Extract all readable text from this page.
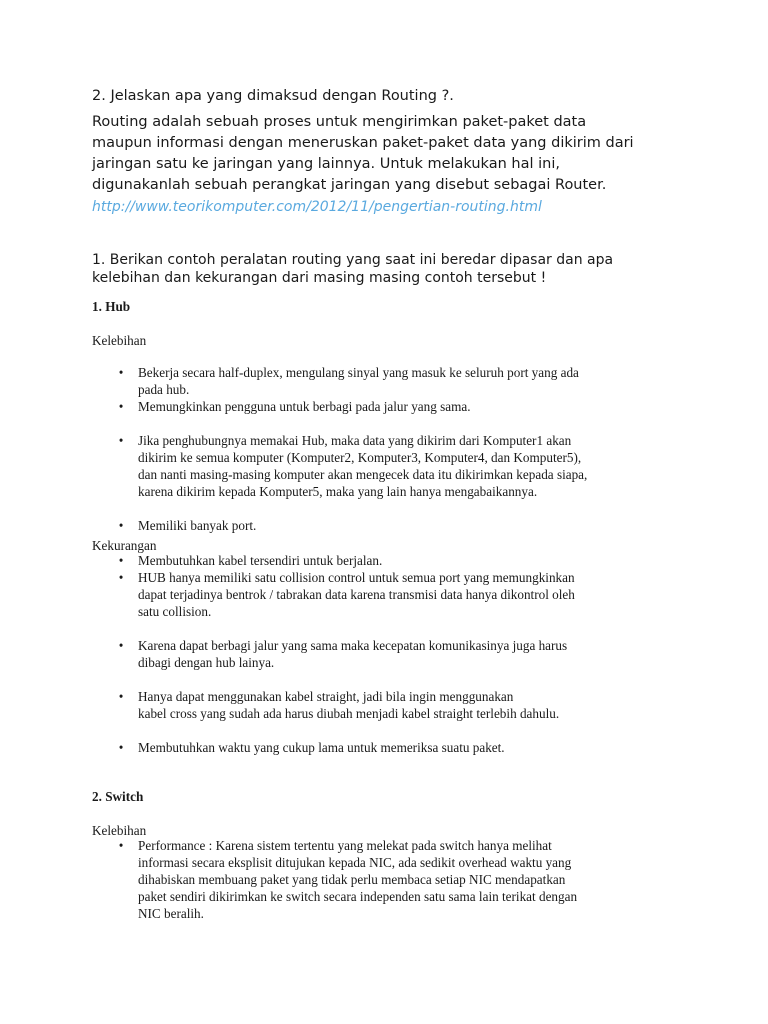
2. Jelaskan apa yang dimaksud dengan Routing ?.

Routing adalah sebuah proses untuk mengirimkan paket-paket data
maupun informasi dengan meneruskan paket-paket data yang dikirim dari
jaringan satu ke jaringan yang lainnya. Untuk melakukan hal ini,
digunakanlah sebuah perangkat jaringan yang disebut sebagai Router.
http://www.teorikomputer.com/2012/11/pengertian-routing.html
1. Berikan contoh peralatan routing yang saat ini beredar dipasar dan apa
kelebihan dan kekurangan dari masing masing contoh tersebut !
1. Hub
Kelebihan
• Bekerja secara half-duplex, mengulang sinyal yang masuk ke seluruh port yang ada
pada hub.
• Memungkinkan pengguna untuk berbagi pada jalur yang sama.
• Jika penghubungnya memakai Hub, maka data yang dikirim dari Komputer1 akan
dikirim ke semua komputer (Komputer2, Komputer3, Komputer4, dan Komputer5),
dan nanti masing-masing komputer akan mengecek data itu dikirimkan kepada siapa,
karena dikirim kepada Komputer5, maka yang lain hanya mengabaikannya.
• Memiliki banyak port.
Kekurangan
• Membutuhkan kabel tersendiri untuk berjalan.
• HUB hanya memiliki satu collision control untuk semua port yang memungkinkan
dapat terjadinya bentrok / tabrakan data karena transmisi data hanya dikontrol oleh
satu collision.
• Karena dapat berbagi jalur yang sama maka kecepatan komunikasinya juga harus
dibagi dengan hub lainya.
• Hanya dapat menggunakan kabel straight, jadi bila ingin menggunakan
kabel cross yang sudah ada harus diubah menjadi kabel straight terlebih dahulu.
• Membutuhkan waktu yang cukup lama untuk memeriksa suatu paket.
2. Switch
Kelebihan
• Performance : Karena sistem tertentu yang melekat pada switch hanya melihat
informasi secara eksplisit ditujukan kepada NIC, ada sedikit overhead waktu yang
dihabiskan membuang paket yang tidak perlu membaca setiap NIC mendapatkan
paket sendiri dikirimkan ke switch secara independen satu sama lain terikat dengan
NIC beralih.
